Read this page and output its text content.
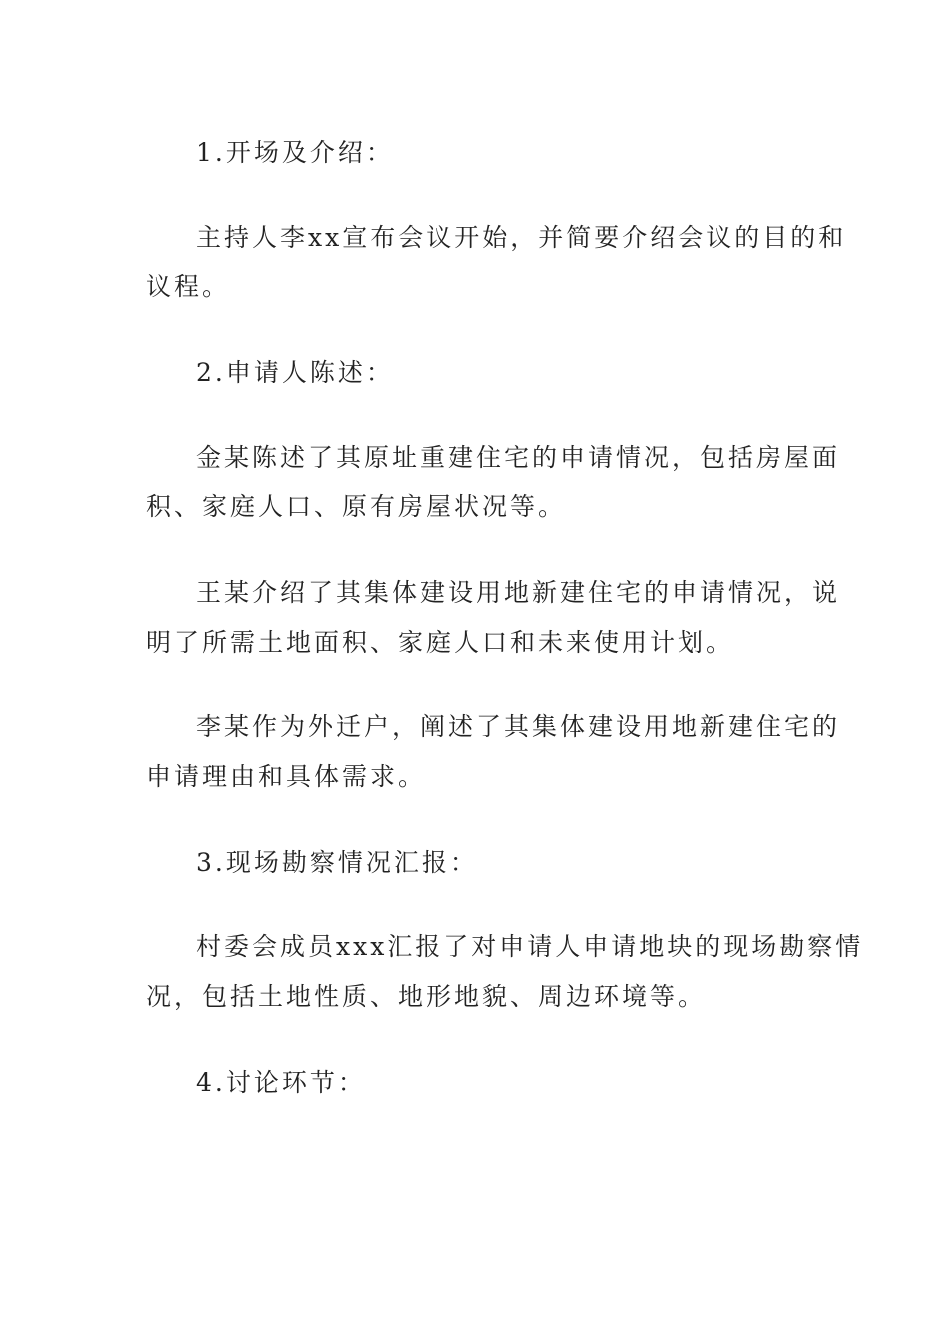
1.开场及介绍：
主持人李xx宣布会议开始，并简要介绍会议的目的和
议程。
2.申请人陈述：
金某陈述了其原址重建住宅的申请情况，包括房屋面
积、家庭人口、原有房屋状况等。
王某介绍了其集体建设用地新建住宅的申请情况，说
明了所需土地面积、家庭人口和未来使用计划。
李某作为外迁户，阐述了其集体建设用地新建住宅的
申请理由和具体需求。
3.现场勘察情况汇报：
村委会成员xxx汇报了对申请人申请地块的现场勘察情
况，包括土地性质、地形地貌、周边环境等。
4.讨论环节：
